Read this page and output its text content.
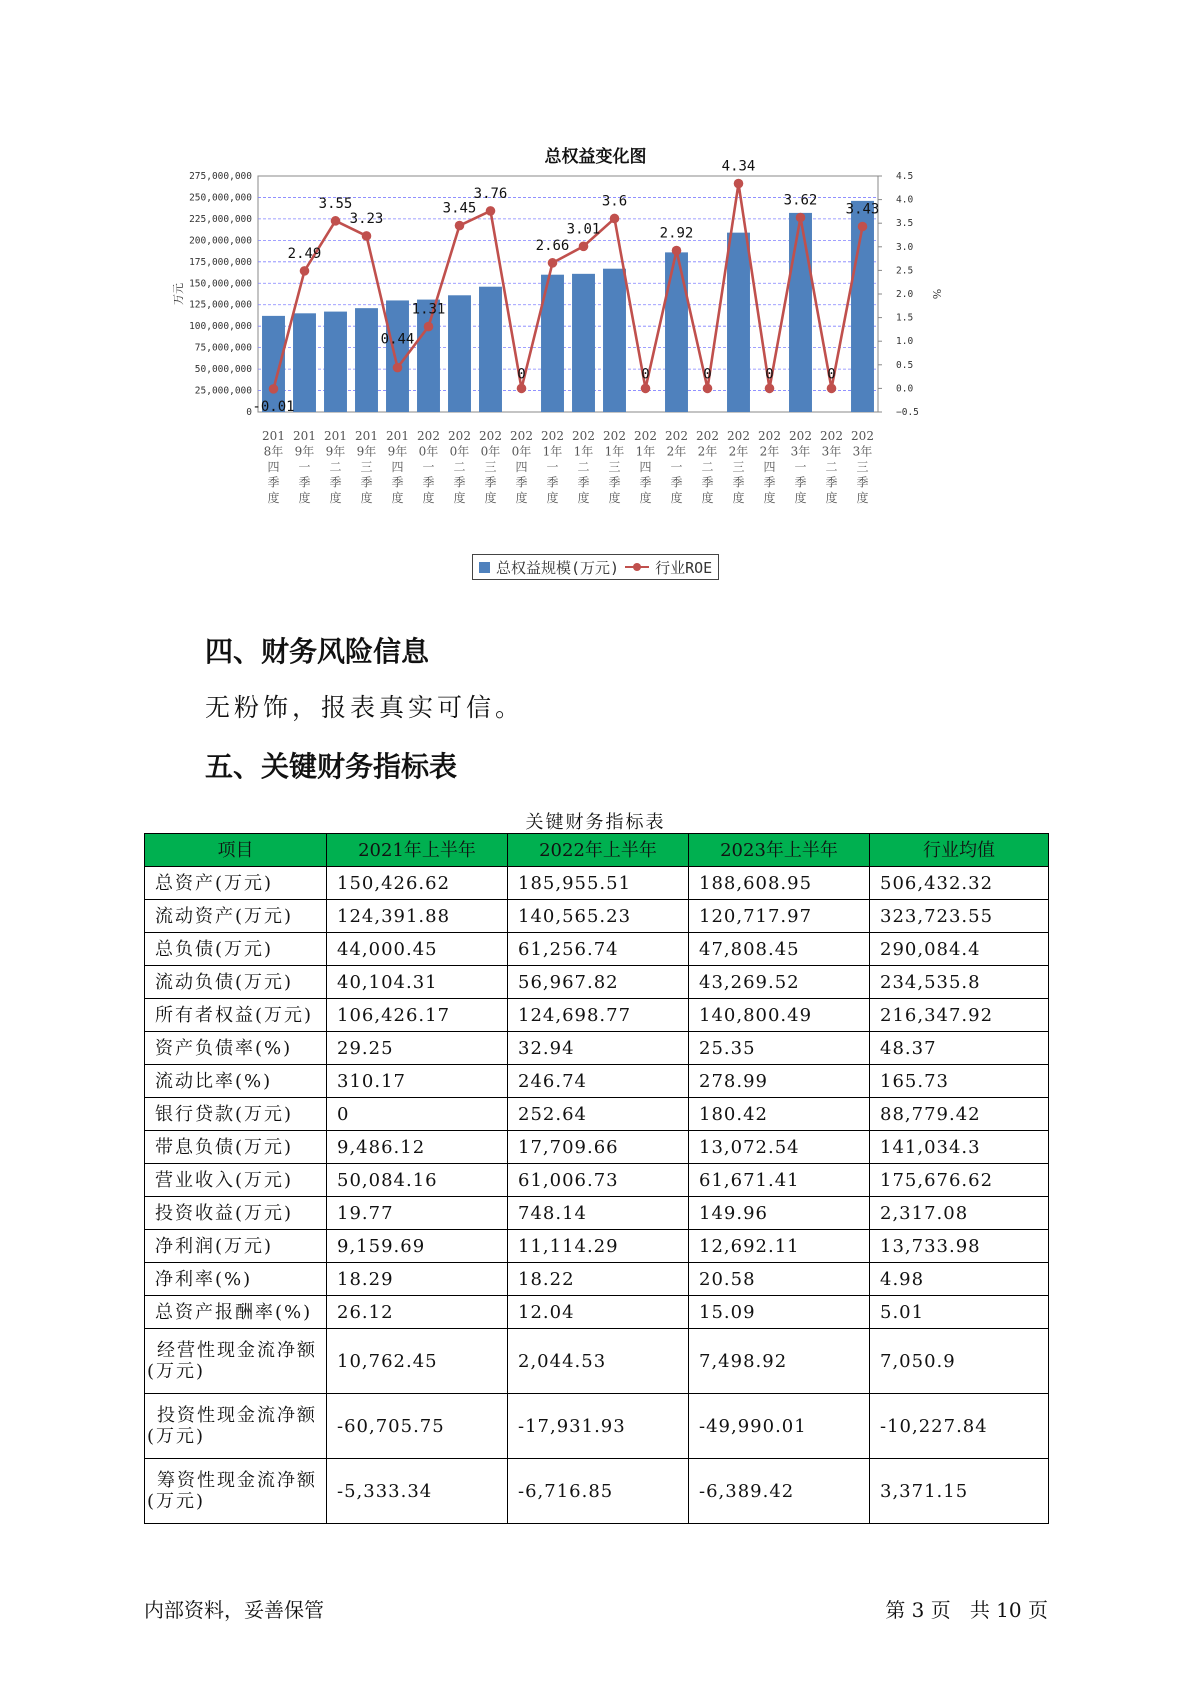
总权益变化图
275,000,000
250,000,000
225,000,000
200,000,000
175,000,000
150,000,000
125,000,000
100,000,000
75,000,000
50,000,000
25,000,000
0
4.5
4.0
3.5
3.0
2.5
2.0
1.5
1.0
0.5
0.0
−0.5
万元	%
201
8年
四
季
度
201
9年
一
季
度
201
9年
二
季
度
201
9年
三
季
度
201
9年
四
季
度
202
0年
一
季
度
202
0年
二
季
度
202
0年
三
季
度
202
0年
四
季
度
202
1年
一
季
度
202
1年
二
季
度
202
1年
三
季
度
202
1年
四
季
度
202
2年
一
季
度
202
2年
二
季
度
202
2年
三
季
度
202
2年
四
季
度
202
3年
一
季
度
202
3年
二
季
度
202
3年
三
季
度
-0.01
2.49
3.55
3.23
0.44
1.31
3.45
3.76
0
2.66
3.01
3.6
0
2.92
0
4.34
0
3.62
0
3.43
总权益规模(万元) 行业ROE
四、财务风险信息
无粉饰，报表真实可信。
五、关键财务指标表
关键财务指标表
项目	2021年上半年	2022年上半年	2023年上半年	行业均值
总资产(万元)	150,426.62	185,955.51	188,608.95	506,432.32
流动资产(万元)	124,391.88	140,565.23	120,717.97	323,723.55
总负债(万元)	44,000.45	61,256.74	47,808.45	290,084.4
流动负债(万元)	40,104.31	56,967.82	43,269.52	234,535.8
所有者权益(万元)	106,426.17	124,698.77	140,800.49	216,347.92
资产负债率(%)	29.25	32.94	25.35	48.37
流动比率(%)	310.17	246.74	278.99	165.73
银行贷款(万元)	0	252.64	180.42	88,779.42
带息负债(万元)	9,486.12	17,709.66	13,072.54	141,034.3
营业收入(万元)	50,084.16	61,006.73	61,671.41	175,676.62
投资收益(万元)	19.77	748.14	149.96	2,317.08
净利润(万元)	9,159.69	11,114.29	12,692.11	13,733.98
净利率(%)	18.29	18.22	20.58	4.98
总资产报酬率(%)	26.12	12.04	15.09	5.01
经营性现金流净额(万元)	10,762.45	2,044.53	7,498.92	7,050.9
投资性现金流净额(万元)	-60,705.75	-17,931.93	-49,990.01	-10,227.84
筹资性现金流净额(万元)	-5,333.34	-6,716.85	-6,389.42	3,371.15
内部资料，妥善保管	第 3 页   共 10 页
